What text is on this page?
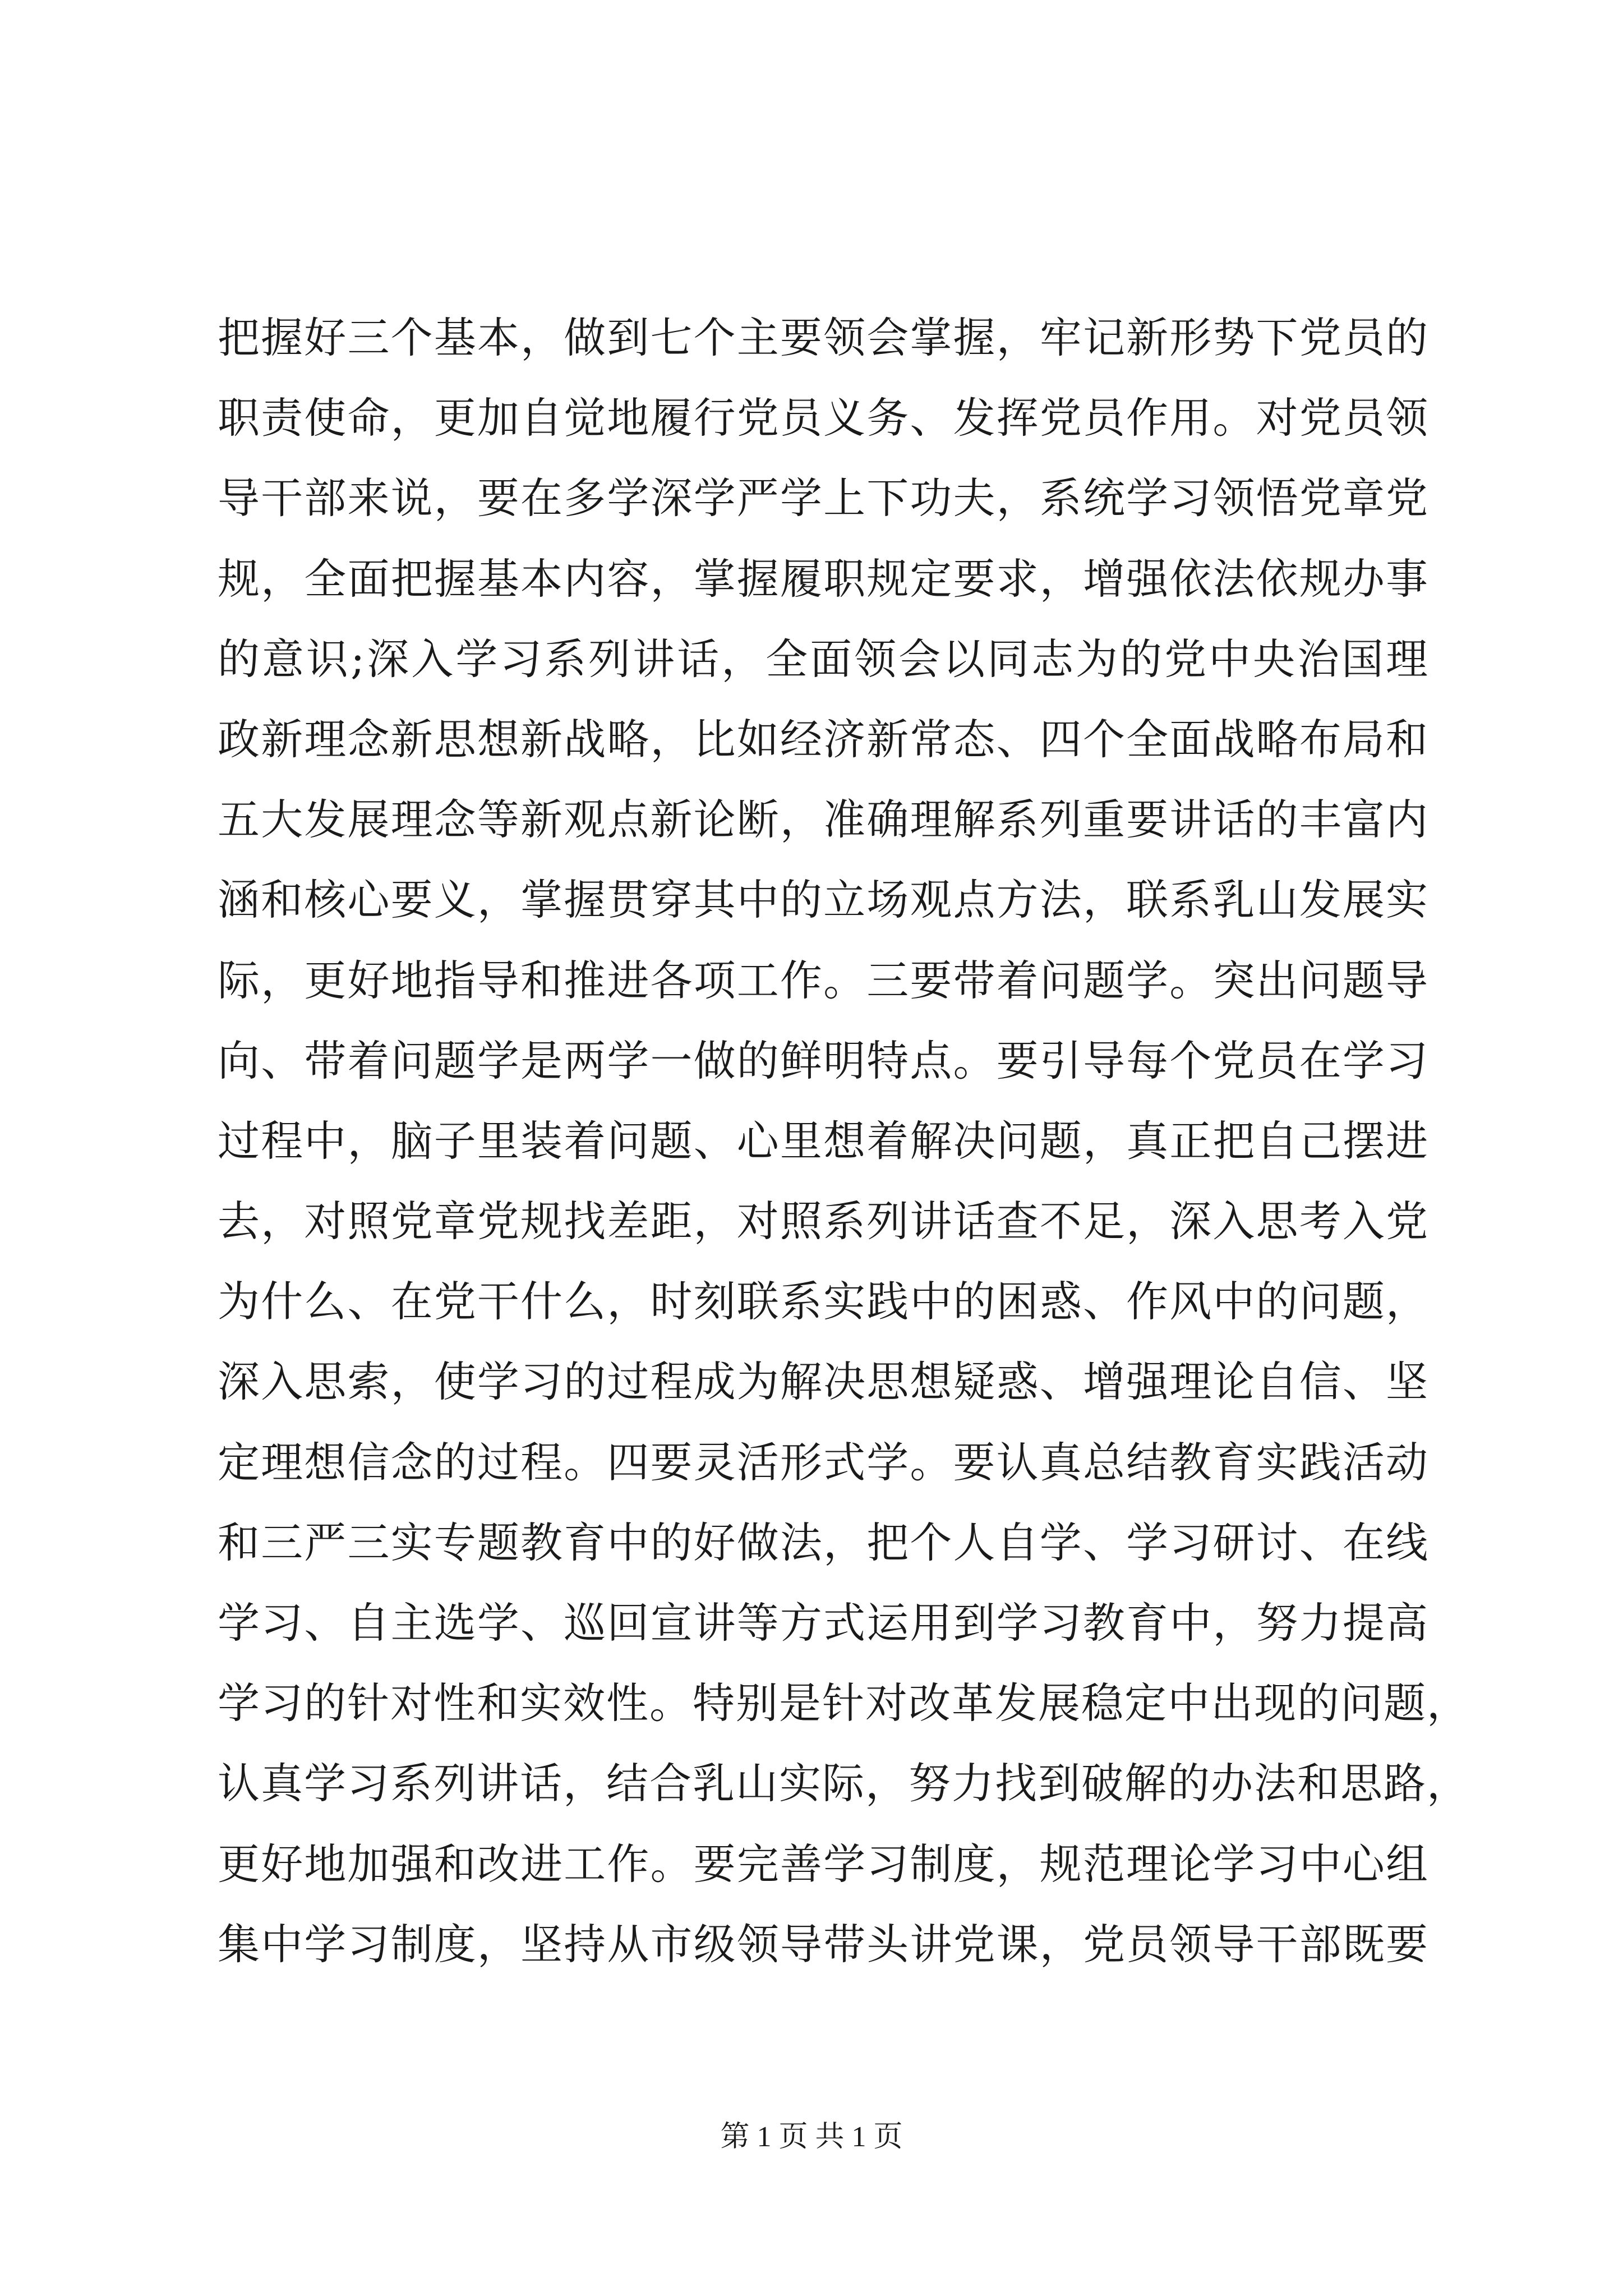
把握好三个基本，做到七个主要领会掌握，牢记新形势下党员的
职责使命，更加自觉地履行党员义务、发挥党员作用。对党员领
导干部来说，要在多学深学严学上下功夫，系统学习领悟党章党
规，全面把握基本内容，掌握履职规定要求，增强依法依规办事
的意识;深入学习系列讲话，全面领会以同志为的党中央治国理
政新理念新思想新战略，比如经济新常态、四个全面战略布局和
五大发展理念等新观点新论断，准确理解系列重要讲话的丰富内
涵和核心要义，掌握贯穿其中的立场观点方法，联系乳山发展实
际，更好地指导和推进各项工作。三要带着问题学。突出问题导
向、带着问题学是两学一做的鲜明特点。要引导每个党员在学习
过程中，脑子里装着问题、心里想着解决问题，真正把自己摆进
去，对照党章党规找差距，对照系列讲话查不足，深入思考入党
为什么、在党干什么，时刻联系实践中的困惑、作风中的问题，
深入思索，使学习的过程成为解决思想疑惑、增强理论自信、坚
定理想信念的过程。四要灵活形式学。要认真总结教育实践活动
和三严三实专题教育中的好做法，把个人自学、学习研讨、在线
学习、自主选学、巡回宣讲等方式运用到学习教育中，努力提高
学习的针对性和实效性。特别是针对改革发展稳定中出现的问题，
认真学习系列讲话，结合乳山实际，努力找到破解的办法和思路，
更好地加强和改进工作。要完善学习制度，规范理论学习中心组
集中学习制度，坚持从市级领导带头讲党课，党员领导干部既要
第 1 页 共 1 页
